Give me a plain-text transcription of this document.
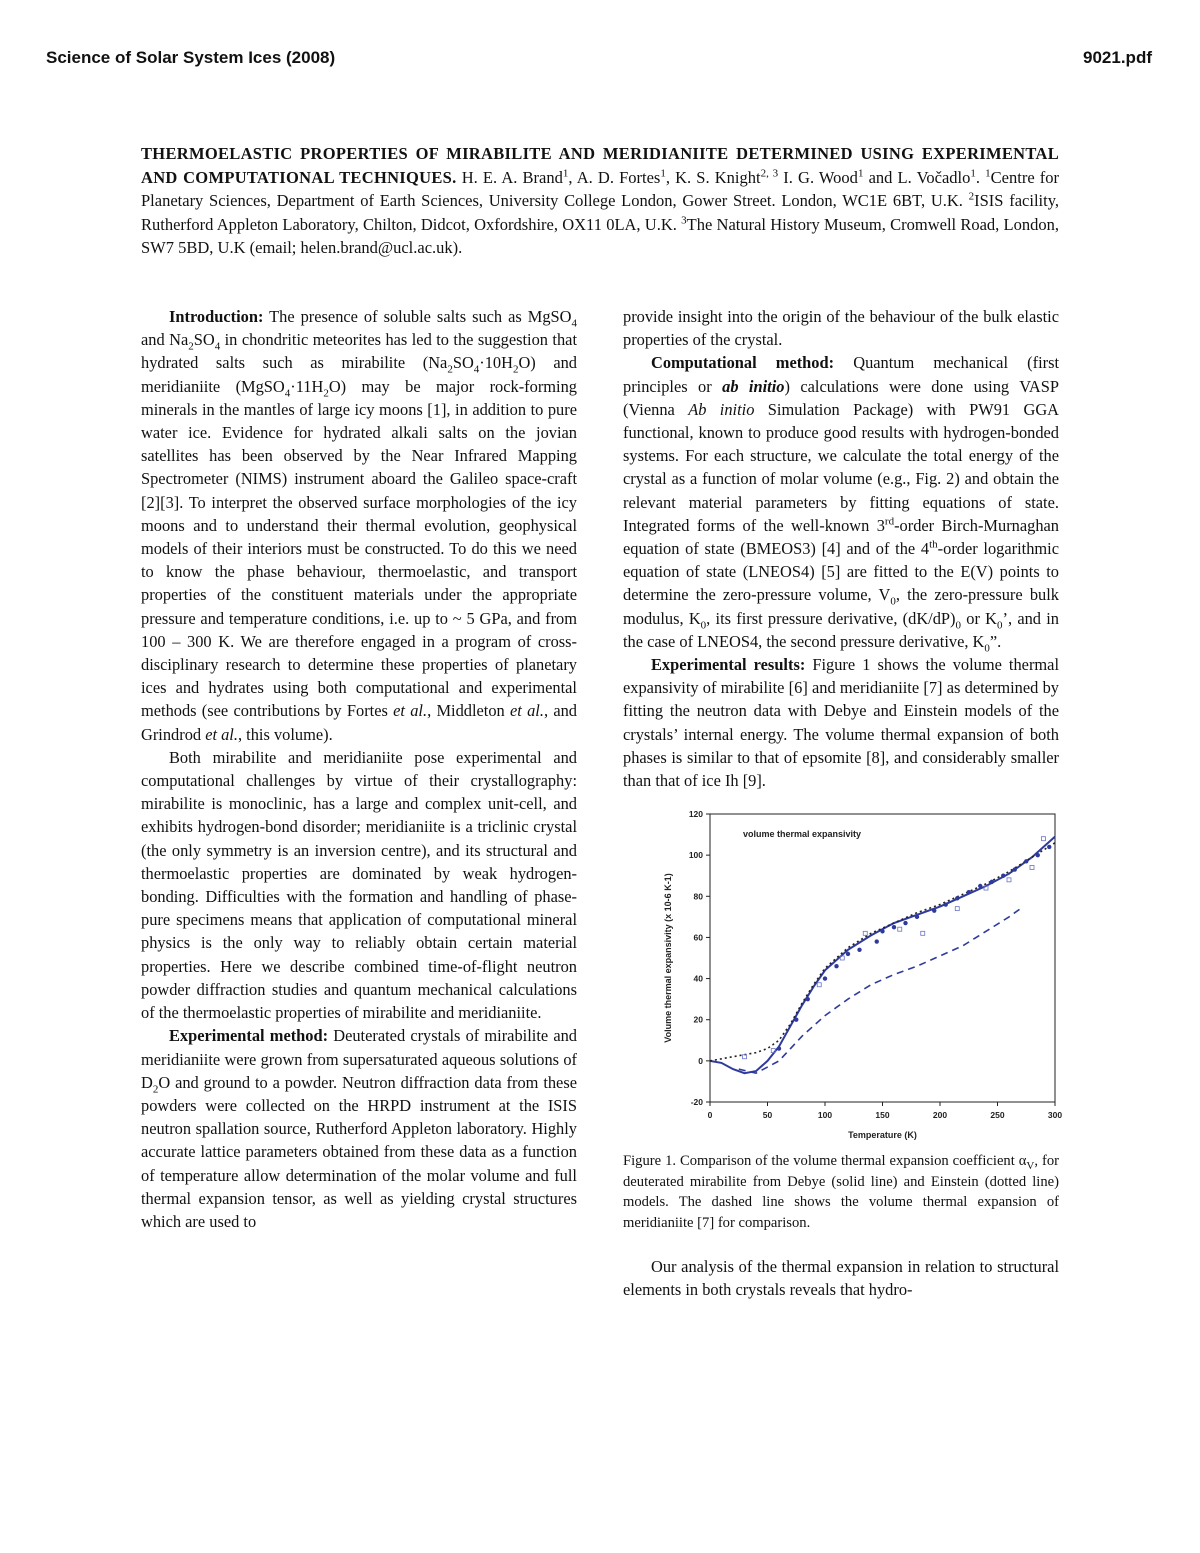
Science of Solar System Ices (2008)	9021.pdf
THERMOELASTIC PROPERTIES OF MIRABILITE AND MERIDIANIITE DETERMINED USING EXPERIMENTAL AND COMPUTATIONAL TECHNIQUES. H. E. A. Brand$^1$, A. D. Fortes$^1$, K. S. Knight$^{2, 3}$ I. G. Wood$^1$ and L. Vočadlo$^1$. $^1$Centre for Planetary Sciences, Department of Earth Sciences, University College London, Gower Street. London, WC1E 6BT, U.K. $^2$ISIS facility, Rutherford Appleton Laboratory, Chilton, Didcot, Oxfordshire, OX11 0LA, U.K. $^3$The Natural History Museum, Cromwell Road, London, SW7 5BD, U.K (email; helen.brand@ucl.ac.uk).

Introduction: The presence of soluble salts such as MgSO$_4$ and $Na_2SO_4$ in chondritic meteorites has led to the suggestion that hydrated salts such as mirabilite $(Na_2SO_4\cdot 10H_2O)$ and meridianiite $(MgSO_4\cdot 11H_2O)$ may be major rock-forming minerals in the mantles of large icy moons [1], in addition to pure water ice. Evidence for hydrated alkali salts on the jovian satellites has been observed by the Near Infrared Mapping Spectrometer (NIMS) instrument aboard the Galileo space-craft [2][3]. To interpret the observed surface morphologies of the icy moons and to understand their thermal evolution, geophysical models of their interiors must be constructed. To do this we need to know the phase behaviour, thermoelastic, and transport properties of the constituent materials under the appropriate pressure and temperature conditions, i.e. up to ~ 5 GPa, and from 100 – 300 K. We are therefore engaged in a program of cross-disciplinary research to determine these properties of planetary ices and hydrates using both computational and experimental methods (see contributions by Fortes et al., Middleton et al., and Grindrod et al., this volume).

Both mirabilite and meridianiite pose experimental and computational challenges by virtue of their crystallography: mirabilite is monoclinic, has a large and complex unit-cell, and exhibits hydrogen-bond disorder; meridianiite is a triclinic crystal (the only symmetry is an inversion centre), and its structural and thermoelastic properties are dominated by weak hydrogen-bonding. Difficulties with the formation and handling of phase-pure specimens means that application of computational mineral physics is the only way to reliably obtain certain material properties. Here we describe combined time-of-flight neutron powder diffraction studies and quantum mechanical calculations of the thermoelastic properties of mirabilite and meridianiite.

Experimental method: Deuterated crystals of mirabilite and meridianiite were grown from supersaturated aqueous solutions of $D_2O$ and ground to a powder. Neutron diffraction data from these powders were collected on the HRPD instrument at the ISIS neutron spallation source, Rutherford Appleton laboratory. Highly accurate lattice parameters obtained from these data as a function of temperature allow determination of the molar volume and full thermal expansion tensor, as well as yielding crystal structures which are used to

provide insight into the origin of the behaviour of the bulk elastic properties of the crystal.

Computational method: Quantum mechanical (first principles or ab initio) calculations were done using VASP (Vienna Ab initio Simulation Package) with PW91 GGA functional, known to produce good results with hydrogen-bonded systems. For each structure, we calculate the total energy of the crystal as a function of molar volume (e.g., Fig. 2) and obtain the relevant material parameters by fitting equations of state. Integrated forms of the well-known 3rd-order Birch-Murnaghan equation of state (BMEOS3) [4] and of the 4th-order logarithmic equation of state (LNEOS4) [5] are fitted to the E(V) points to determine the zero-pressure volume, $V_0$, the zero-pressure bulk modulus, $K_0$, its first pressure derivative, $(dK/dP)_0$ or $K_0$’, and in the case of LNEOS4, the second pressure derivative, $K_0$”.

Experimental results: Figure 1 shows the volume thermal expansivity of mirabilite [6] and meridianiite [7] as determined by fitting the neutron data with Debye and Einstein models of the crystals’ internal energy. The volume thermal expansion of both phases is similar to that of epsomite [8], and considerably smaller than that of ice Ih [9].

-20
0
20
40
60
80
100
120
0	50	100	150	200	250	300
Temperature (K)
Volume thermal expansivity (x 10-6 K-1)
volume thermal expansivity

Figure 1. Comparison of the volume thermal expansion coefficient $\alpha_V$, for deuterated mirabilite from Debye (solid line) and Einstein (dotted line) models. The dashed line shows the volume thermal expansion of meridianiite [7] for comparison.

Our analysis of the thermal expansion in relation to structural elements in both crystals reveals that hydro-
